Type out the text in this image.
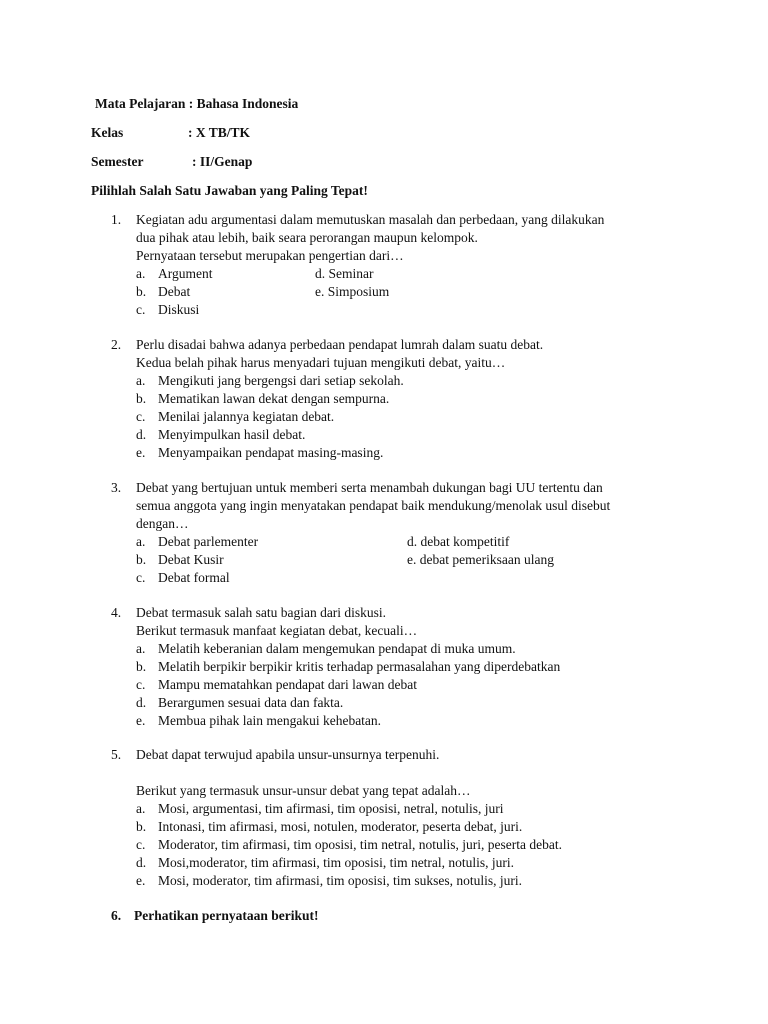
Mata Pelajaran : Bahasa Indonesia
Kelas	: X TB/TK
Semester	: II/Genap
Pilihlah Salah Satu Jawaban yang Paling Tepat!
1. Kegiatan adu argumentasi dalam memutuskan masalah dan perbedaan, yang dilakukan
dua pihak atau lebih, baik seara perorangan maupun kelompok.
Pernyataan tersebut merupakan pengertian dari…
a. Argument
b. Debat
c. Diskusi
d. Seminar
e. Simposium
2. Perlu disadai bahwa adanya perbedaan pendapat lumrah dalam suatu debat.
Kedua belah pihak harus menyadari tujuan mengikuti debat, yaitu…
a. Mengikuti jang bergengsi dari setiap sekolah.
b. Mematikan lawan dekat dengan sempurna.
c. Menilai jalannya kegiatan debat.
d. Menyimpulkan hasil debat.
e. Menyampaikan pendapat masing-masing.
3. Debat yang bertujuan untuk memberi serta menambah dukungan bagi UU tertentu dan
semua anggota yang ingin menyatakan pendapat baik mendukung/menolak usul disebut
dengan…
a. Debat parlementer
b. Debat Kusir
c. Debat formal
d. debat kompetitif
e. debat pemeriksaan ulang
4. Debat termasuk salah satu bagian dari diskusi.
Berikut termasuk manfaat kegiatan debat, kecuali…
a. Melatih keberanian dalam mengemukan pendapat di muka umum.
b. Melatih berpikir berpikir kritis terhadap permasalahan yang diperdebatkan
c. Mampu mematahkan pendapat dari lawan debat
d. Berargumen sesuai data dan fakta.
e. Membua pihak lain mengakui kehebatan.
5. Debat dapat terwujud apabila unsur-unsurnya terpenuhi.
Berikut yang termasuk unsur-unsur debat yang tepat adalah…
a. Mosi, argumentasi, tim afirmasi, tim oposisi, netral, notulis, juri
b. Intonasi, tim afirmasi, mosi, notulen, moderator, peserta debat, juri.
c. Moderator, tim afirmasi, tim oposisi, tim netral, notulis, juri, peserta debat.
d. Mosi,moderator, tim afirmasi, tim oposisi, tim netral, notulis, juri.
e. Mosi, moderator, tim afirmasi, tim oposisi, tim sukses, notulis, juri.
6. Perhatikan pernyataan berikut!
